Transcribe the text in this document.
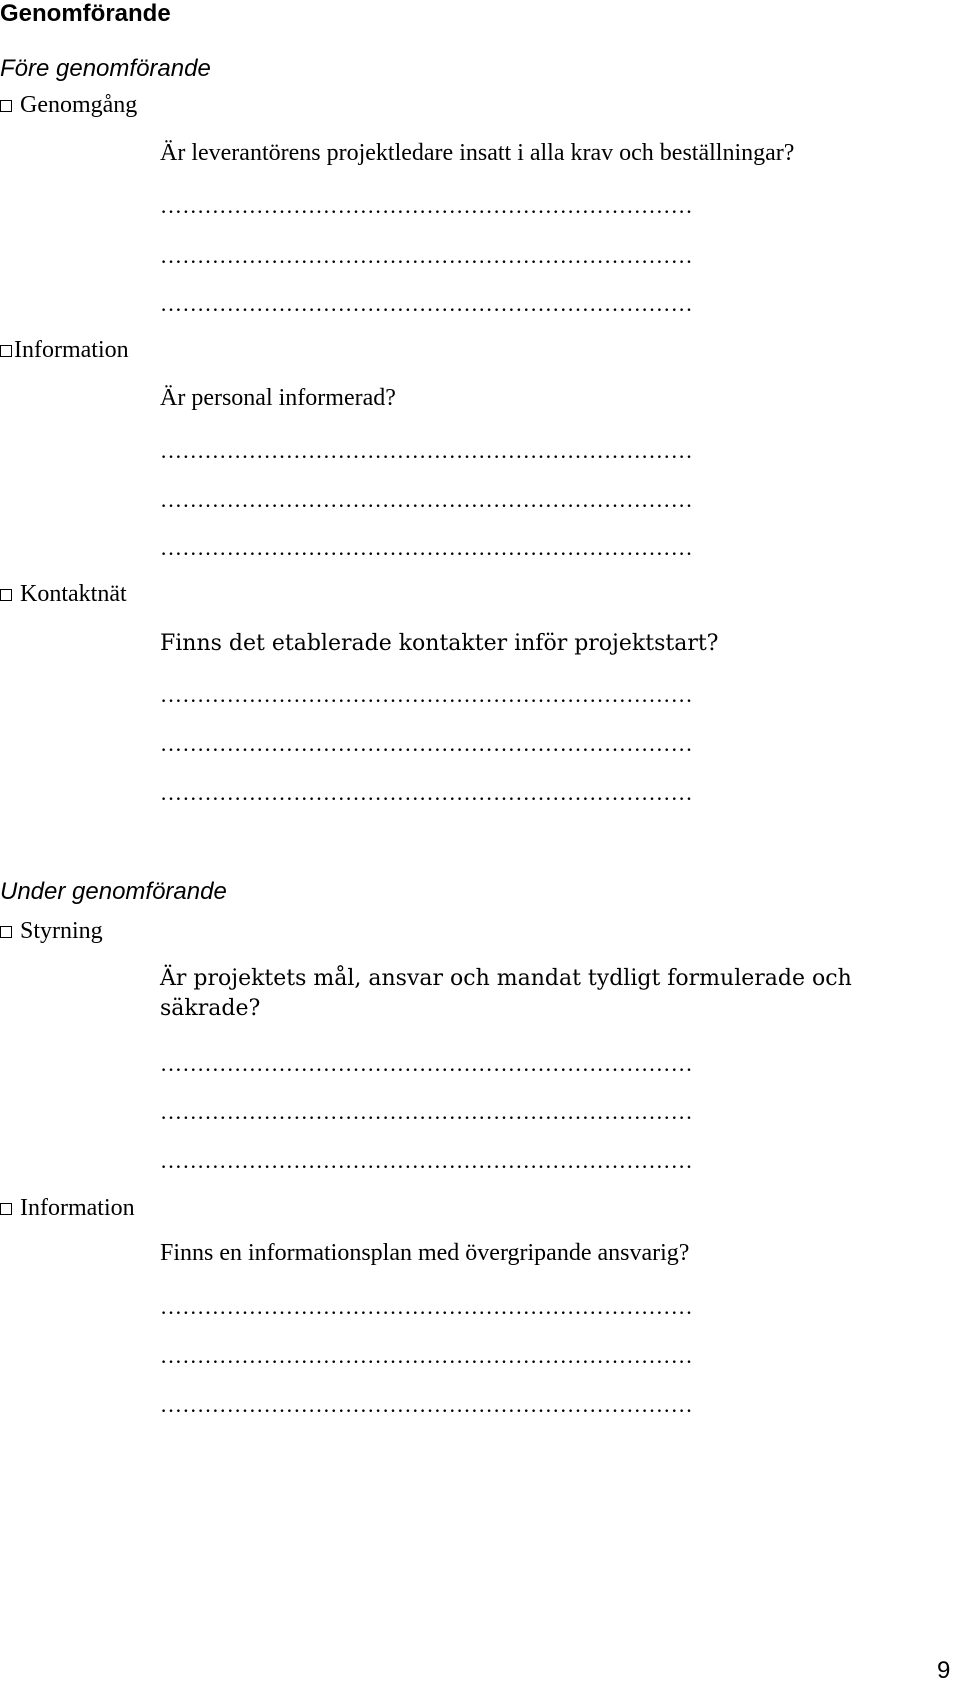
Genomförande
Före genomförande
Genomgång
Är leverantörens projektledare insatt i alla krav och beställningar?
………………………………………………………………
………………………………………………………………
………………………………………………………………
Information
Är personal informerad?
………………………………………………………………
………………………………………………………………
………………………………………………………………
Kontaktnät
Finns det etablerade kontakter inför projektstart?
………………………………………………………………
………………………………………………………………
………………………………………………………………
Under genomförande
Styrning
Är projektets mål, ansvar och mandat tydligt formulerade och
säkrade?
………………………………………………………………
………………………………………………………………
………………………………………………………………
Information
Finns en informationsplan med övergripande ansvarig?
………………………………………………………………
………………………………………………………………
………………………………………………………………
9
